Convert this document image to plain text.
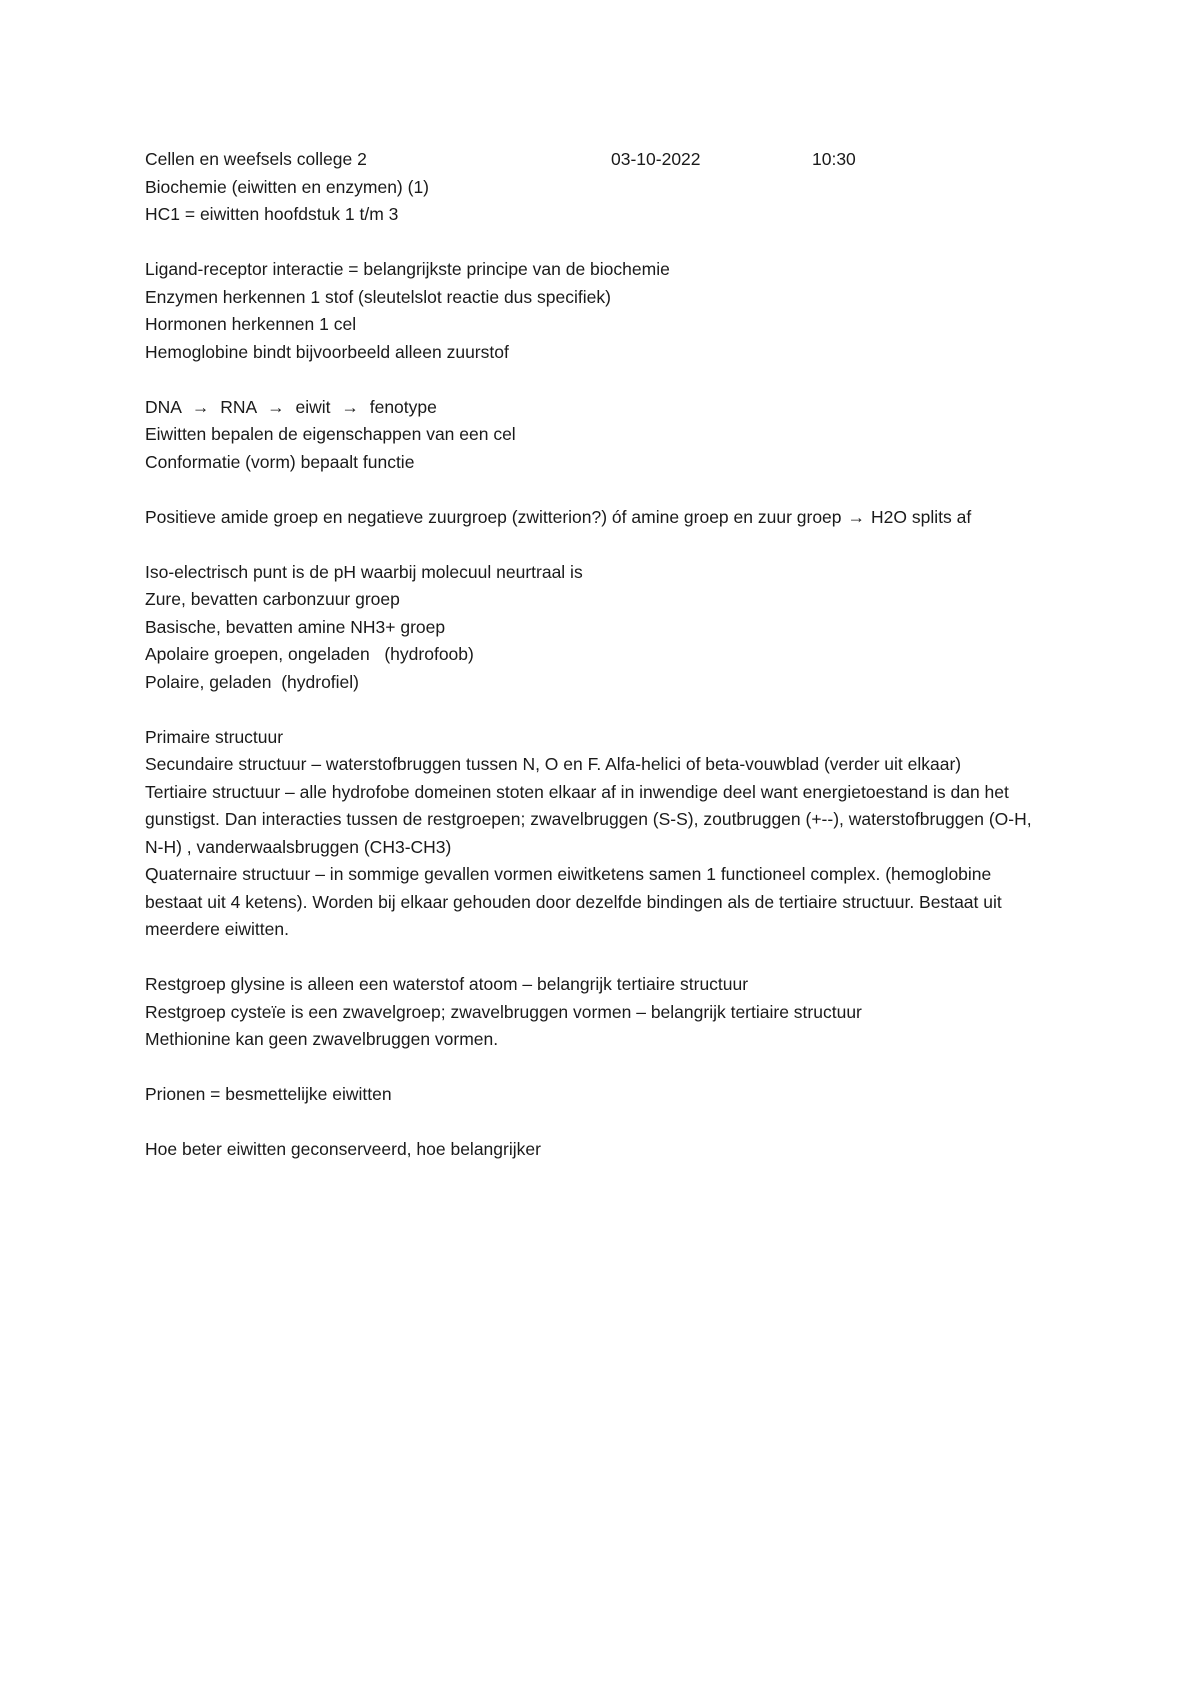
Cellen en weefsels college 2	03-10-2022	10:30
Biochemie (eiwitten en enzymen) (1)
HC1 = eiwitten hoofdstuk 1 t/m 3
Ligand-receptor interactie = belangrijkste principe van de biochemie
Enzymen herkennen 1 stof (sleutelslot reactie dus specifiek)
Hormonen herkennen 1 cel
Hemoglobine bindt bijvoorbeeld alleen zuurstof
DNA → RNA → eiwit → fenotype
Eiwitten bepalen de eigenschappen van een cel
Conformatie (vorm) bepaalt functie
Positieve amide groep en negatieve zuurgroep (zwitterion?) óf amine groep en zuur groep → H2O splits af
Iso-electrisch punt is de pH waarbij molecuul neurtraal is
Zure, bevatten carbonzuur groep
Basische, bevatten amine NH3+ groep
Apolaire groepen, ongeladen   (hydrofoob)
Polaire, geladen  (hydrofiel)
Primaire structuur
Secundaire structuur – waterstofbruggen tussen N, O en F. Alfa-helici of beta-vouwblad (verder uit elkaar)
Tertiaire structuur – alle hydrofobe domeinen stoten elkaar af in inwendige deel want energietoestand is dan het gunstigst. Dan interacties tussen de restgroepen; zwavelbruggen (S-S), zoutbruggen (+--), waterstofbruggen (O-H, N-H) , vanderwaalsbruggen (CH3-CH3)
Quaternaire structuur – in sommige gevallen vormen eiwitketens samen 1 functioneel complex. (hemoglobine bestaat uit 4 ketens). Worden bij elkaar gehouden door dezelfde bindingen als de tertiaire structuur. Bestaat uit meerdere eiwitten.
Restgroep glysine is alleen een waterstof atoom – belangrijk tertiaire structuur
Restgroep cysteïe is een zwavelgroep; zwavelbruggen vormen – belangrijk tertiaire structuur
Methionine kan geen zwavelbruggen vormen.
Prionen = besmettelijke eiwitten
Hoe beter eiwitten geconserveerd, hoe belangrijker
